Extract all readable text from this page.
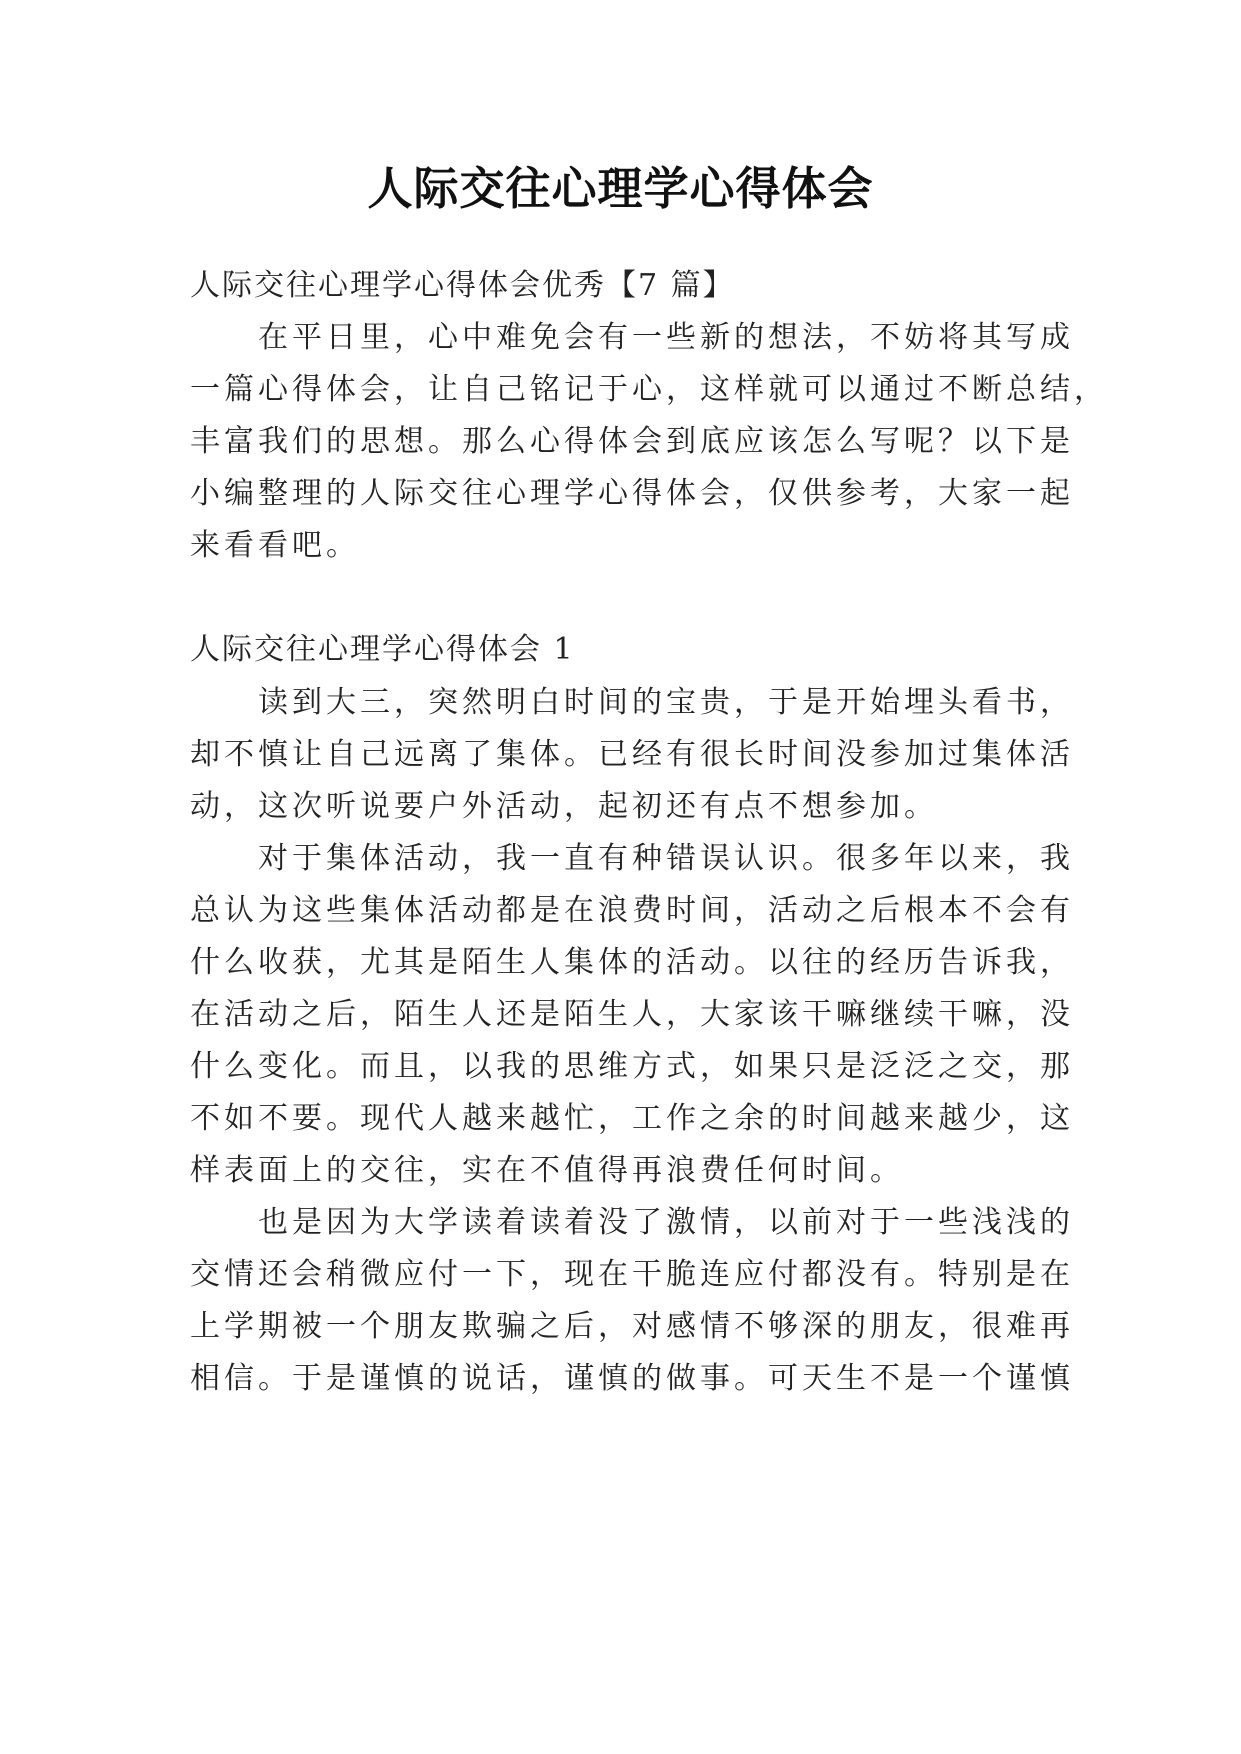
人际交往心理学心得体会
人际交往心理学心得体会优秀【7 篇】
在平日里，心中难免会有一些新的想法，不妨将其写成
一篇心得体会，让自己铭记于心，这样就可以通过不断总结，
丰富我们的思想。那么心得体会到底应该怎么写呢？以下是
小编整理的人际交往心理学心得体会，仅供参考，大家一起
来看看吧。
人际交往心理学心得体会 1
读到大三，突然明白时间的宝贵，于是开始埋头看书，
却不慎让自己远离了集体。已经有很长时间没参加过集体活
动，这次听说要户外活动，起初还有点不想参加。
对于集体活动，我一直有种错误认识。很多年以来，我
总认为这些集体活动都是在浪费时间，活动之后根本不会有
什么收获，尤其是陌生人集体的活动。以往的经历告诉我，
在活动之后，陌生人还是陌生人，大家该干嘛继续干嘛，没
什么变化。而且，以我的思维方式，如果只是泛泛之交，那
不如不要。现代人越来越忙，工作之余的时间越来越少，这
样表面上的交往，实在不值得再浪费任何时间。
也是因为大学读着读着没了激情，以前对于一些浅浅的
交情还会稍微应付一下，现在干脆连应付都没有。特别是在
上学期被一个朋友欺骗之后，对感情不够深的朋友，很难再
相信。于是谨慎的说话，谨慎的做事。可天生不是一个谨慎
